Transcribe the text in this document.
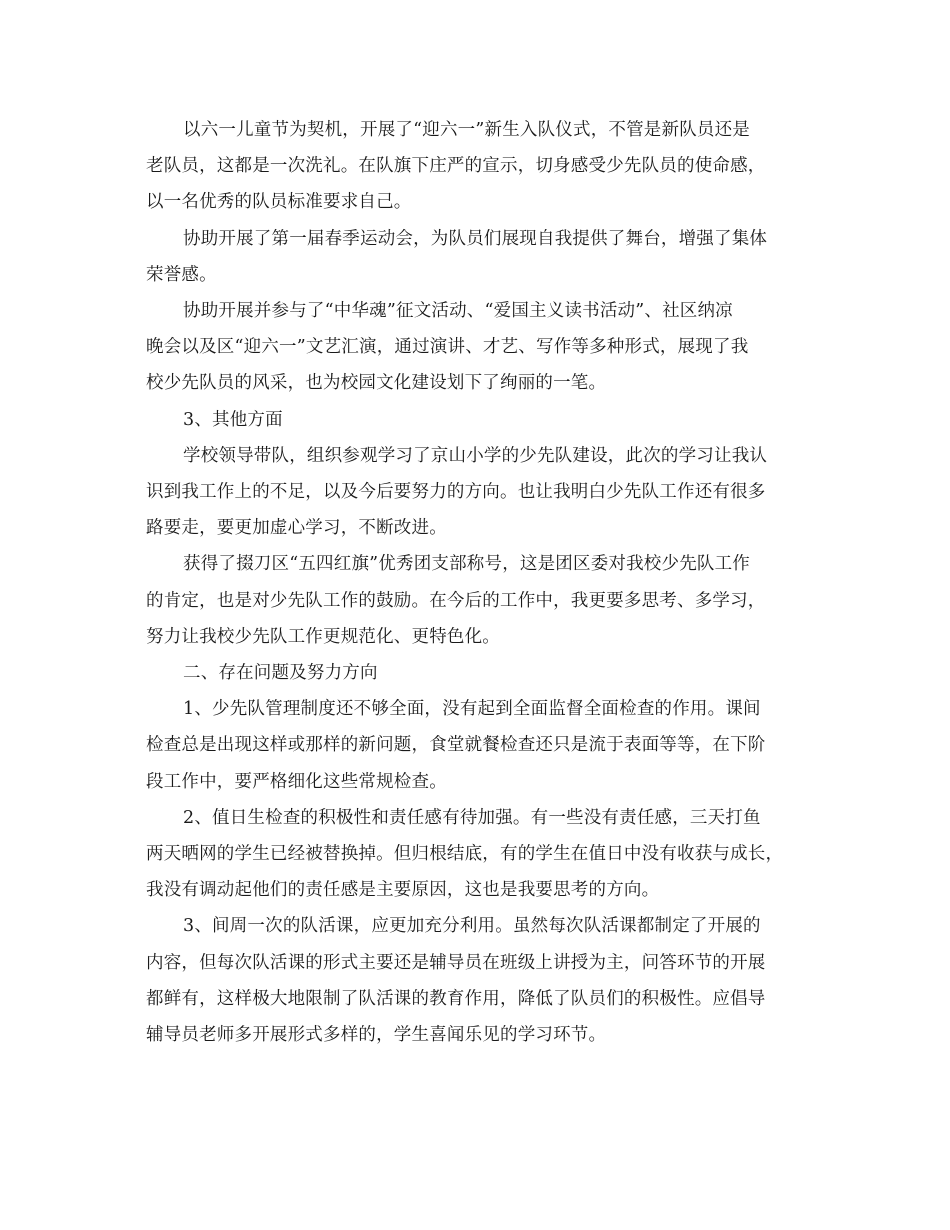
以六一儿童节为契机，开展了“迎六一”新生入队仪式，不管是新队员还是
老队员，这都是一次洗礼。在队旗下庄严的宣示，切身感受少先队员的使命感，
以一名优秀的队员标准要求自己。
协助开展了第一届春季运动会，为队员们展现自我提供了舞台，增强了集体
荣誉感。
协助开展并参与了“中华魂”征文活动、“爱国主义读书活动”、社区纳凉
晚会以及区“迎六一”文艺汇演，通过演讲、才艺、写作等多种形式，展现了我
校少先队员的风采，也为校园文化建设划下了绚丽的一笔。
3、其他方面
学校领导带队，组织参观学习了京山小学的少先队建设，此次的学习让我认
识到我工作上的不足，以及今后要努力的方向。也让我明白少先队工作还有很多
路要走，要更加虚心学习，不断改进。
获得了掇刀区“五四红旗”优秀团支部称号，这是团区委对我校少先队工作
的肯定，也是对少先队工作的鼓励。在今后的工作中，我更要多思考、多学习，
努力让我校少先队工作更规范化、更特色化。
二、存在问题及努力方向
1、少先队管理制度还不够全面，没有起到全面监督全面检查的作用。课间
检查总是出现这样或那样的新问题，食堂就餐检查还只是流于表面等等，在下阶
段工作中，要严格细化这些常规检查。
2、值日生检查的积极性和责任感有待加强。有一些没有责任感，三天打鱼
两天晒网的学生已经被替换掉。但归根结底，有的学生在值日中没有收获与成长，
我没有调动起他们的责任感是主要原因，这也是我要思考的方向。
3、间周一次的队活课，应更加充分利用。虽然每次队活课都制定了开展的
内容，但每次队活课的形式主要还是辅导员在班级上讲授为主，问答环节的开展
都鲜有，这样极大地限制了队活课的教育作用，降低了队员们的积极性。应倡导
辅导员老师多开展形式多样的，学生喜闻乐见的学习环节。
